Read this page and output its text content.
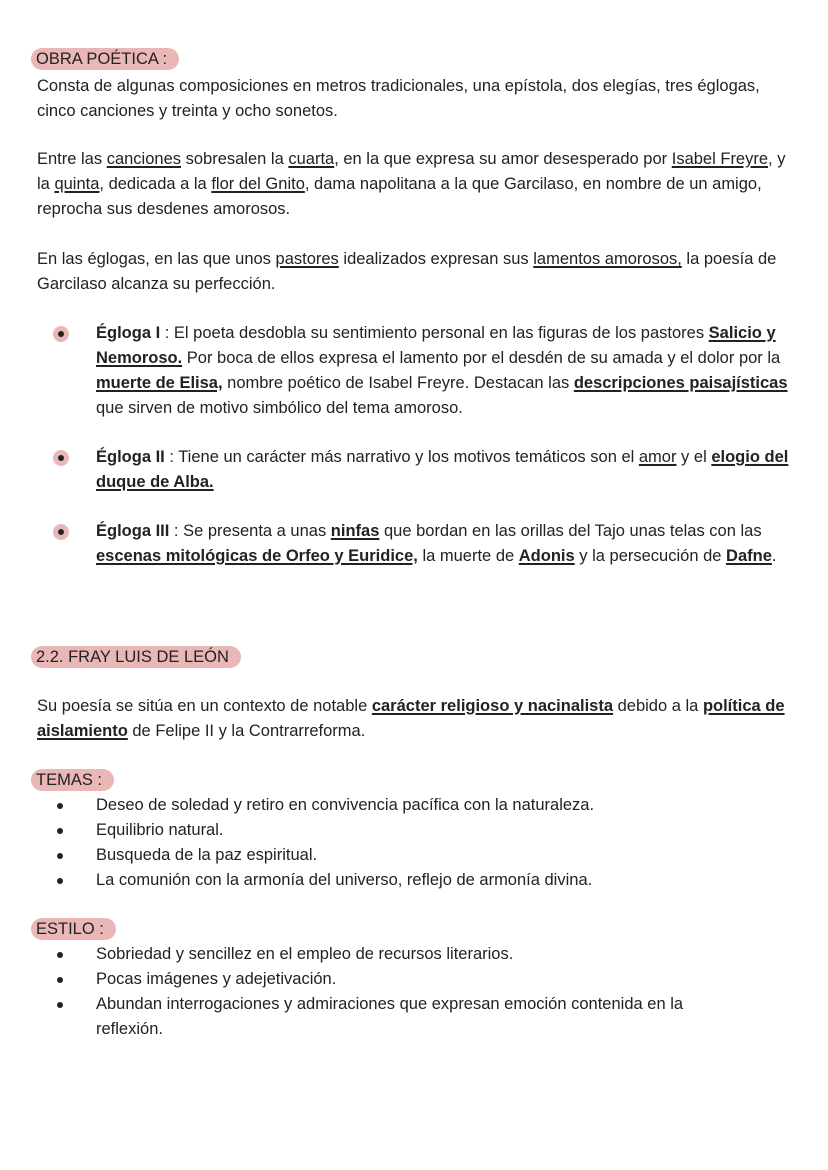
OBRA POÉTICA :

Consta de algunas composiciones en metros tradicionales, una epístola, dos elegías, tres églogas, cinco canciones y treinta y ocho sonetos.

Entre las canciones sobresalen la cuarta, en la que expresa su amor desesperado por Isabel Freyre, y la quinta, dedicada a la flor del Gnito, dama napolitana a la que Garcilaso, en nombre de un amigo, reprocha sus desdenes amorosos.

En las églogas, en las que unos pastores idealizados expresan sus lamentos amorosos, la poesía de Garcilaso alcanza su perfección.

Égloga I : El poeta desdobla su sentimiento personal en las figuras de los pastores Salicio y Nemoroso. Por boca de ellos expresa el lamento por el desdén de su amada y el dolor por la muerte de Elisa, nombre poético de Isabel Freyre. Destacan las descripciones paisajísticas que sirven de motivo simbólico del tema amoroso.

Égloga II : Tiene un carácter más narrativo y los motivos temáticos son el amor y el elogio del duque de Alba.

Égloga III : Se presenta a unas ninfas que bordan en las orillas del Tajo unas telas con las escenas mitológicas de Orfeo y Euridice, la muerte de Adonis y la persecución de Dafne.

2.2. FRAY LUIS DE LEÓN

Su poesía se sitúa en un contexto de notable carácter religioso y nacinalista debido a la política de aislamiento de Felipe II y la Contrarreforma.

TEMAS :
Deseo de soledad y retiro en convivencia pacífica con la naturaleza.
Equilibrio natural.
Busqueda de la paz espiritual.
La comunión con la armonía del universo, reflejo de armonía divina.
ESTILO :
Sobriedad y sencillez en el empleo de recursos literarios.
Pocas imágenes y adejetivación.
Abundan interrogaciones y admiraciones que expresan emoción contenida en la reflexión.
